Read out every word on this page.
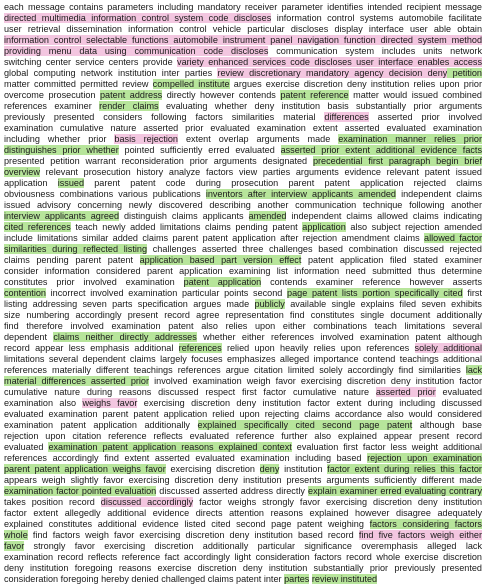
each message contains parameters including mandatory receiver parameter identifies intended recipient message

directed multimedia information control system code discloses information control systems automobile facilitate

user retrieval dissemination information control vehicle particular discloses display interface user able obtain

information control selectable functions automobile instrument panel navigation function directed system method

providing menu data using communication code discloses communication system includes units network

switching center service centers provide variety enhanced services code discloses user interface enables access

global computing network institution inter parties review discretionary mandatory agency decision deny petition

matter committed permitted review compelled institute argues exercise discretion deny institution relies upon prior

overcome prosecution patent address directly however contends patent reference matter would issued combined

references examiner render claims evaluating whether deny institution basis substantially prior arguments

previously presented considers following factors similarities material differences asserted prior involved

examination cumulative nature asserted prior evaluated examination extent asserted evaluated examination

including whether prior basis rejection extent overlap arguments made examination manner relies prior

distinguishes prior whether pointed sufficiently erred evaluated asserted prior extent additional evidence facts

presented petition warrant reconsideration prior arguments designated precedential first paragraph begin brief

overview relevant prosecution history analyze factors view parties arguments evidence relevant patent issued

application issued parent patent code during prosecution parent patent application rejected claims

obviousness combinations various publications inventors after interview applicants amended independent claims

issued advisory concerning newly discovered describing another communication technique following another

interview applicants agreed distinguish claims applicants amended independent claims allowed claims indicating

cited references teach newly added limitations claims pending patent application also subject rejection amended

include limitations similar added claims parent patent application after rejection amendment claims allowed factor

similarities during reflected listing challenges asserted three challenges based combination discussed rejected

claims pending parent patent application based part version effect patent application filed stated examiner

consider information considered parent application examining list information need submitted thus determine

constitutes prior involved examination patent application contends examiner reference however asserts

contention incorrect involved examination particular points second page patent lists portion specifically cited first

listing addressing seven parts specification argues made publicly available single explains filed seven exhibits

size numbering accordingly present record agree representation find constitutes single document additionally

find therefore involved examination patent also relies upon either combinations teach limitations several

dependent claims neither directly addresses whether either references involved examination patent although

record appear less emphasis additional references relied upon heavily relies upon references solely additional

limitations several dependent claims largely focuses emphasizes alleged importance contend teachings additional

references materially different teachings references argue citation limited solely accordingly find similarities lack

material differences asserted prior involved examination weigh favor exercising discretion deny institution factor

cumulative nature during reasons discussed respect first factor cumulative nature asserted prior evaluated

examination also weighs favor exercising discretion deny institution factor extent during including discussed

evaluated examination parent patent application relied upon rejecting claims accordance also would considered

examination patent application additionally explained specifically cited second page patent although base

rejection upon citation reference reflects evaluated reference further also explained appear present record

evaluated examination patent application reasons explained context evaluation first factor less weight additional

references accordingly find extent asserted evaluated examination including based rejection upon examination

parent patent application weighs favor exercising discretion deny institution factor extent during relies this factor

appears weigh slightly favor exercising discretion deny institution presents arguments sufficiently different made

examination factor pointed evaluation discussed asserted address directly explain examiner erred evaluating contrary

takes position record discussed accordingly factor weighs strongly favor exercising discretion deny institution

factor extent allegedly additional evidence directs attention reasons explained however disagree adequately

explained constitutes additional evidence listed cited second page patent weighing factors considering factors

whole find factors weigh favor exercising discretion deny institution based record find five factors weigh either

favor strongly favor exercising discretion additionally particular significance overemphasis alleged lack

examination record reflects reference fact accordingly light consideration factors record whole exercise discretion

deny institution foregoing reasons exercise discretion deny institution substantially prior previously presented

consideration foregoing hereby denied challenged claims patent inter partes review instituted
